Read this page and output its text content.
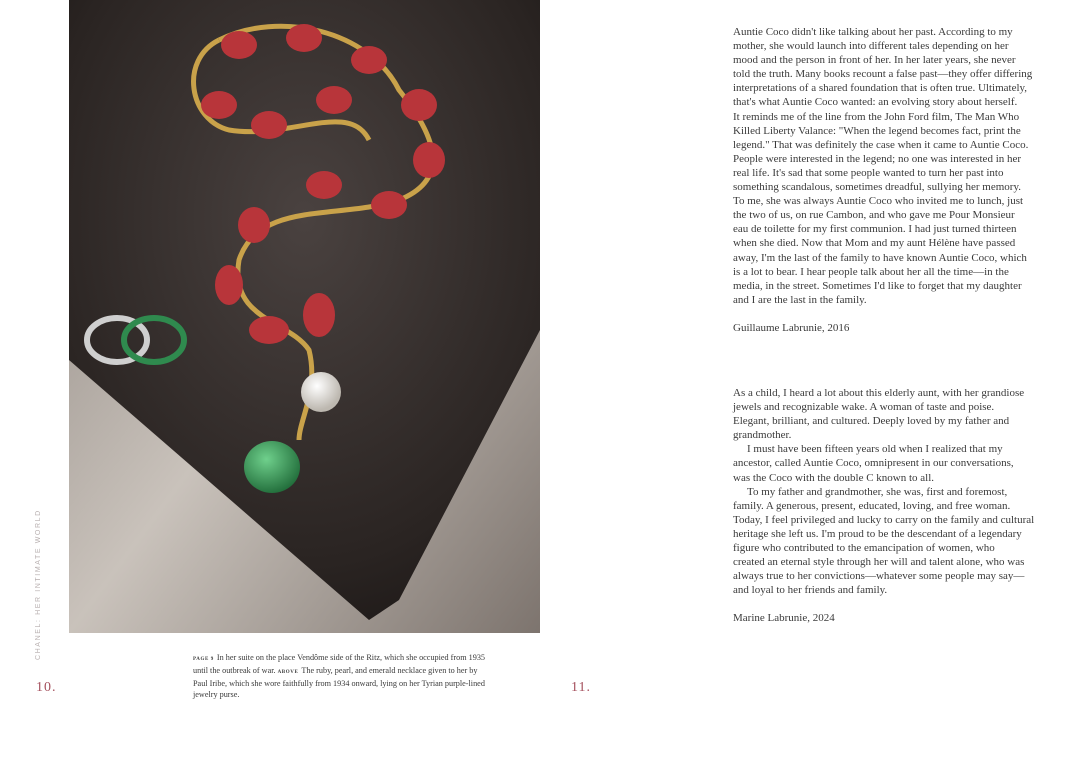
CHANEL: HER INTIMATE WORLD
10.	11.
PAGE 9 In her suite on the place Vendôme side of the Ritz, which she occupied from 1935 until the outbreak of war. ABOVE The ruby, pearl, and emerald necklace given to her by Paul Iribe, which she wore faithfully from 1934 onward, lying on her Tyrian purple-lined jewelry purse.
Auntie Coco didn't like talking about her past. According to my
mother, she would launch into different tales depending on her
mood and the person in front of her. In her later years, she never
told the truth. Many books recount a false past—they offer differing
interpretations of a shared foundation that is often true. Ultimately,
that's what Auntie Coco wanted: an evolving story about herself.
It reminds me of the line from the John Ford film, The Man Who
Killed Liberty Valance: "When the legend becomes fact, print the
legend." That was definitely the case when it came to Auntie Coco.
People were interested in the legend; no one was interested in her
real life. It's sad that some people wanted to turn her past into
something scandalous, sometimes dreadful, sullying her memory.
To me, she was always Auntie Coco who invited me to lunch, just
the two of us, on rue Cambon, and who gave me Pour Monsieur
eau de toilette for my first communion. I had just turned thirteen
when she died. Now that Mom and my aunt Hélène have passed
away, I'm the last of the family to have known Auntie Coco, which
is a lot to bear. I hear people talk about her all the time—in the
media, in the street. Sometimes I'd like to forget that my daughter
and I are the last in the family.
Guillaume Labrunie, 2016
As a child, I heard a lot about this elderly aunt, with her grandiose
jewels and recognizable wake. A woman of taste and poise.
Elegant, brilliant, and cultured. Deeply loved by my father and
grandmother.
I must have been fifteen years old when I realized that my
ancestor, called Auntie Coco, omnipresent in our conversations,
was the Coco with the double C known to all.
To my father and grandmother, she was, first and foremost,
family. A generous, present, educated, loving, and free woman.
Today, I feel privileged and lucky to carry on the family and cultural
heritage she left us. I'm proud to be the descendant of a legendary
figure who contributed to the emancipation of women, who
created an eternal style through her will and talent alone, who was
always true to her convictions—whatever some people may say—
and loyal to her friends and family.
Marine Labrunie, 2024
